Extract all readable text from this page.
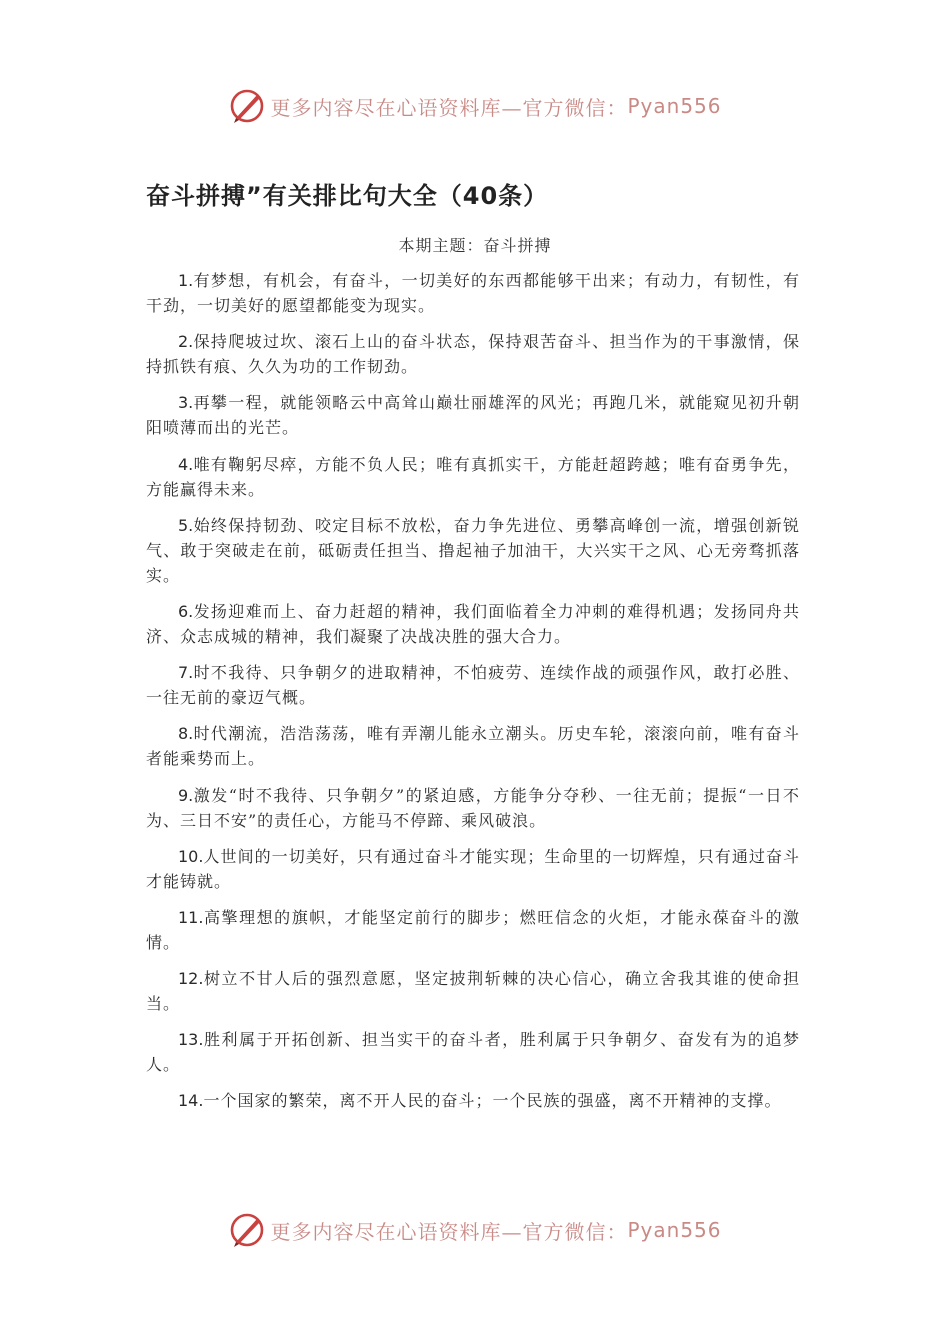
更多内容尽在心语资料库—官方微信： Pyan556
奋斗拼搏”有关排比句大全（40条）
本期主题：奋斗拼搏

1.有梦想，有机会，有奋斗，一切美好的东西都能够干出来；有动力，有韧性，有干劲，一切美好的愿望都能变为现实。

2.保持爬坡过坎、滚石上山的奋斗状态，保持艰苦奋斗、担当作为的干事激情，保持抓铁有痕、久久为功的工作韧劲。

3.再攀一程，就能领略云中高耸山巅壮丽雄浑的风光；再跑几米，就能窥见初升朝阳喷薄而出的光芒。

4.唯有鞠躬尽瘁，方能不负人民；唯有真抓实干，方能赶超跨越；唯有奋勇争先，方能赢得未来。

5.始终保持韧劲、咬定目标不放松，奋力争先进位、勇攀高峰创一流，增强创新锐气、敢于突破走在前，砥砺责任担当、撸起袖子加油干，大兴实干之风、心无旁骛抓落实。

6.发扬迎难而上、奋力赶超的精神，我们面临着全力冲刺的难得机遇；发扬同舟共济、众志成城的精神，我们凝聚了决战决胜的强大合力。

7.时不我待、只争朝夕的进取精神，不怕疲劳、连续作战的顽强作风，敢打必胜、一往无前的豪迈气概。

8.时代潮流，浩浩荡荡，唯有弄潮儿能永立潮头。历史车轮，滚滚向前，唯有奋斗者能乘势而上。

9.激发“时不我待、只争朝夕”的紧迫感，方能争分夺秒、一往无前；提振“一日不为、三日不安”的责任心，方能马不停蹄、乘风破浪。

10.人世间的一切美好，只有通过奋斗才能实现；生命里的一切辉煌，只有通过奋斗才能铸就。

11.高擎理想的旗帜，才能坚定前行的脚步；燃旺信念的火炬，才能永葆奋斗的激情。

12.树立不甘人后的强烈意愿，坚定披荆斩棘的决心信心，确立舍我其谁的使命担当。

13.胜利属于开拓创新、担当实干的奋斗者，胜利属于只争朝夕、奋发有为的追梦人。

14.一个国家的繁荣，离不开人民的奋斗；一个民族的强盛，离不开精神的支撑。

更多内容尽在心语资料库—官方微信： Pyan556
